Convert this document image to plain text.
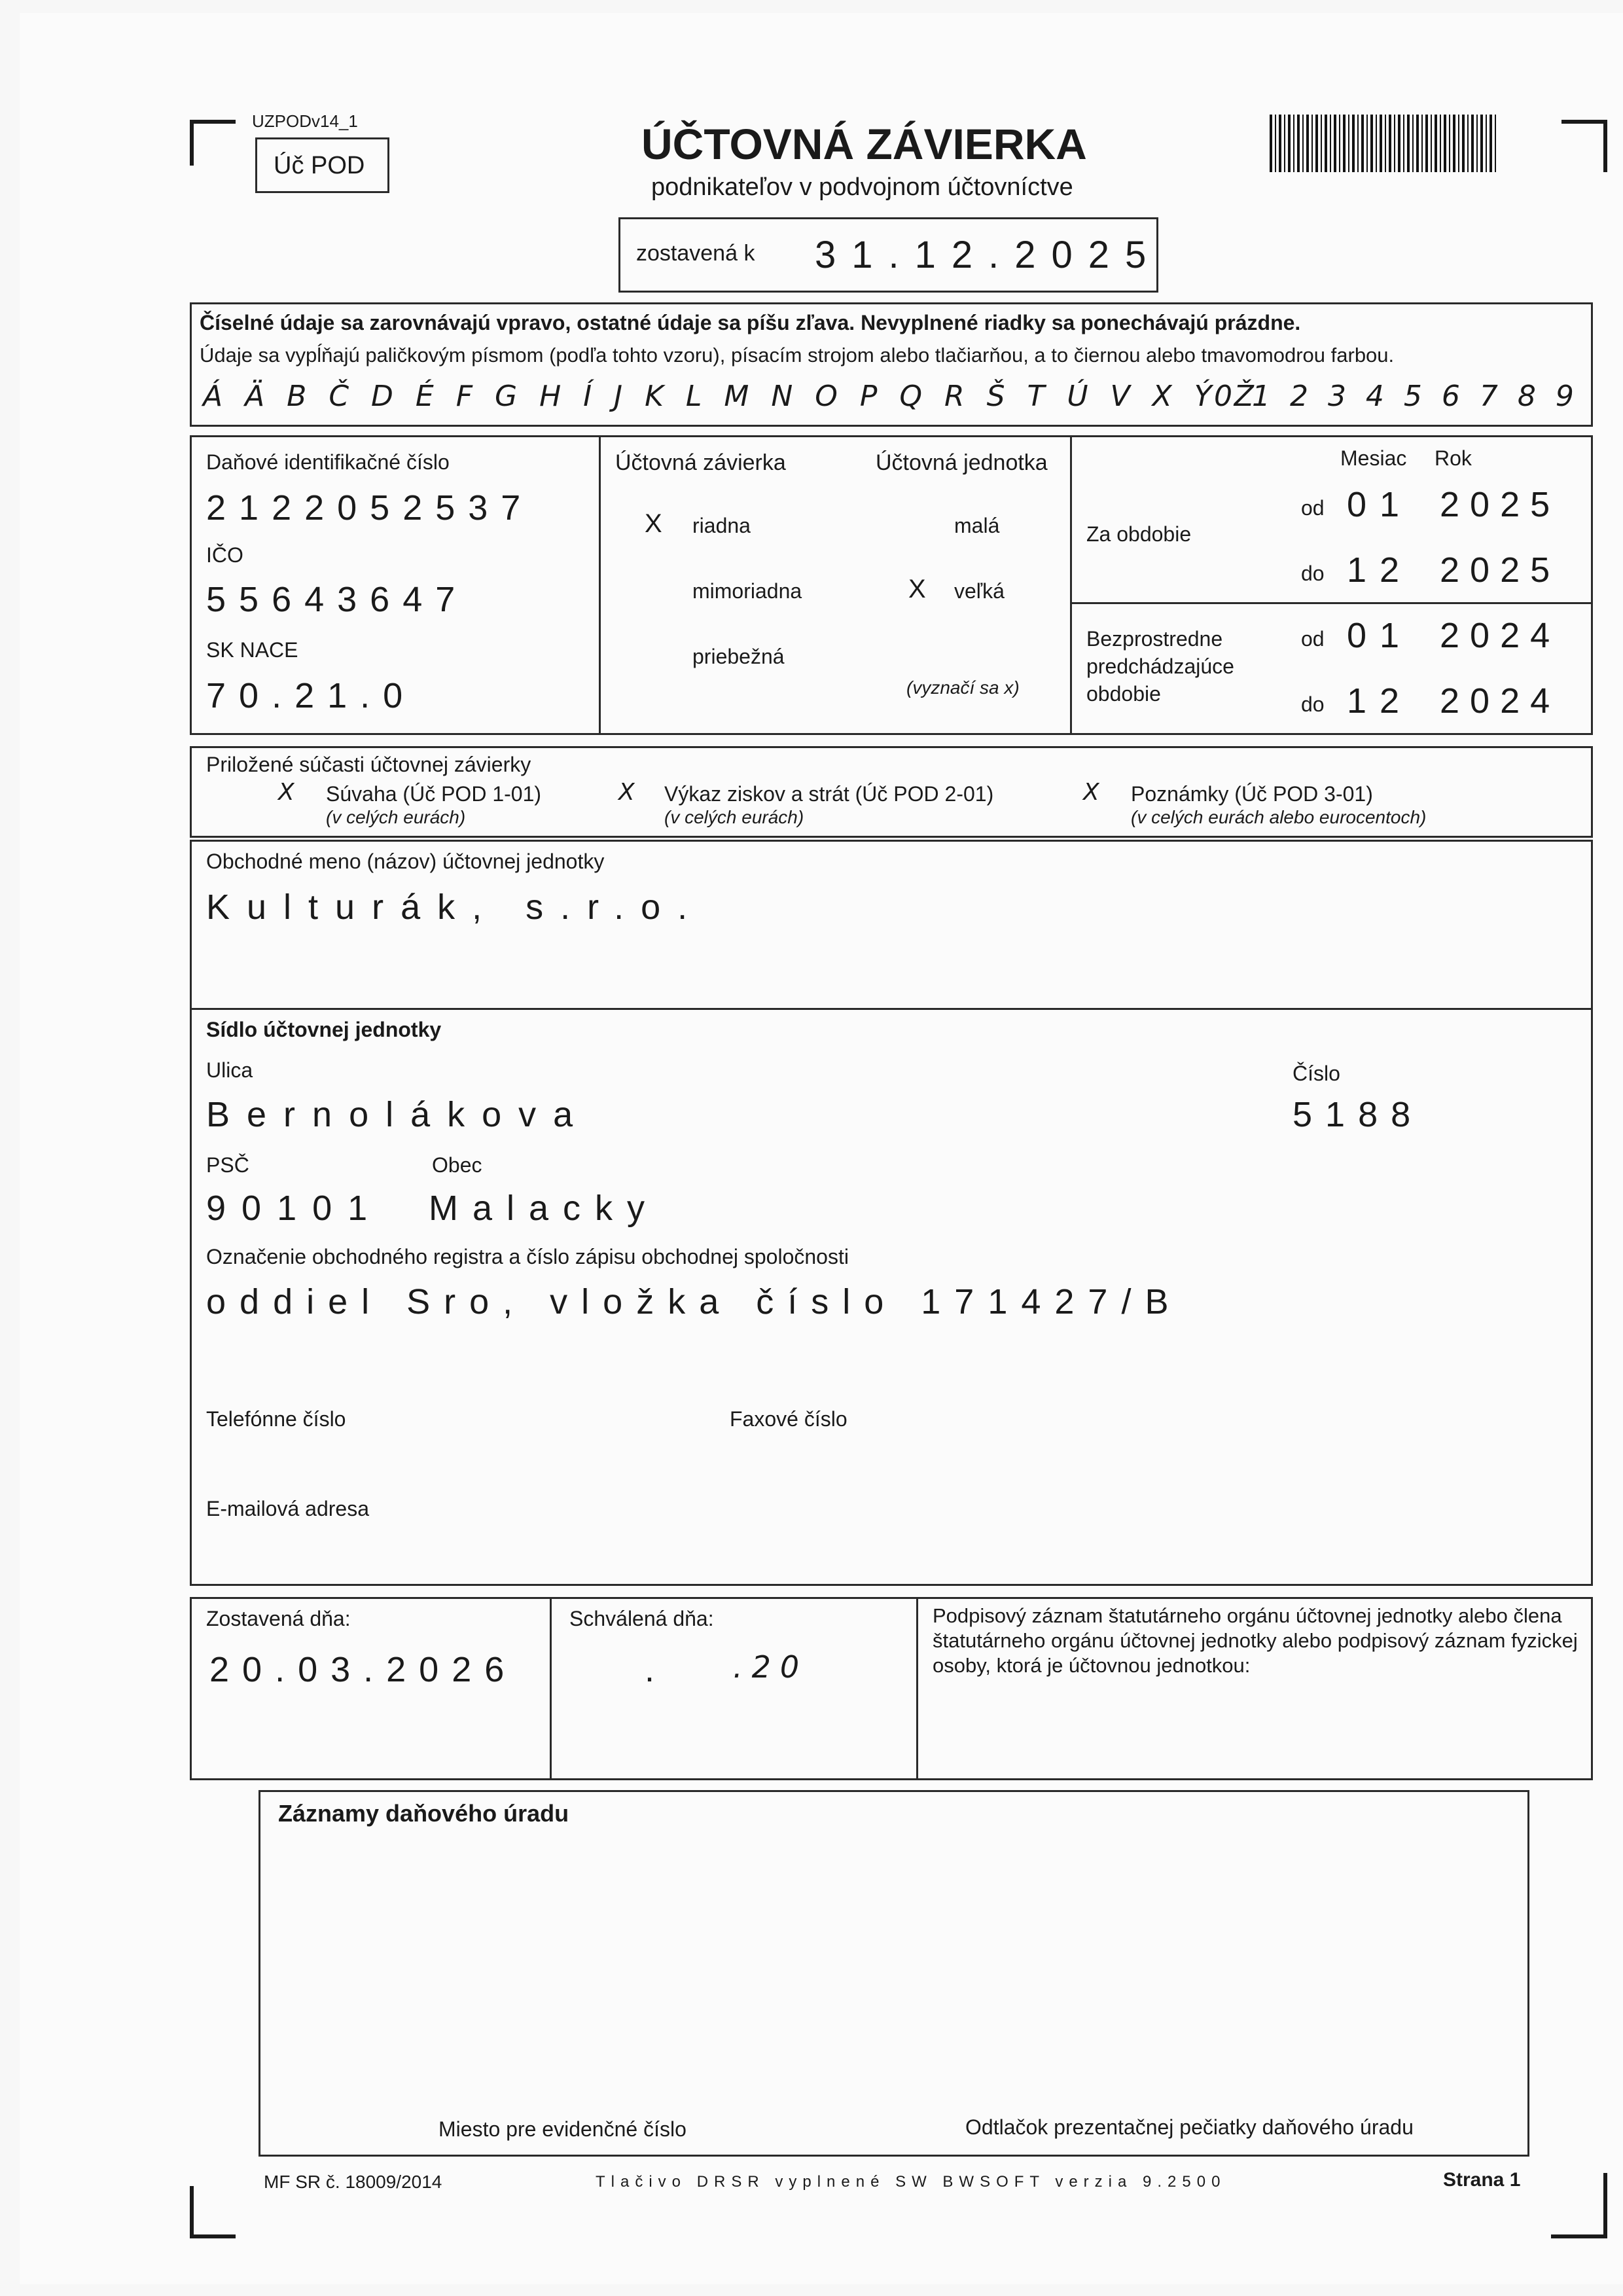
UZPODv14_1
Úč POD	ÚČTOVNÁ ZÁVIERKA
podnikateľov v podvojnom účtovníctve
zostavená k 31.12.2025
Číselné údaje sa zarovnávajú vpravo, ostatné údaje sa píšu zľava. Nevyplnené riadky sa ponechávajú prázdne.
Údaje sa vypĺňajú paličkovým písmom (podľa tohto vzoru), písacím strojom alebo tlačiarňou, a to čiernou alebo tmavomodrou farbou.
Á Ä B Č D É F G H Í J K L M N O P Q R Š T Ú V X Ý Ž
0 1 2 3 4 5 6 7 8 9
Daňové identifikačné číslo
2122052537
IČO
55643647
SK NACE
70.21.0
Účtovná závierka
X riadna
mimoriadna
priebežná
Účtovná jednotka
malá
X veľká
(vyznačí sa x)
Mesiac Rok
Za obdobie
od 01 2025
do 12 2025
Bezprostredne predchádzajúce obdobie
od 01 2024
do 12 2024
Priložené súčasti účtovnej závierky
X Súvaha (Úč POD 1-01)
(v celých eurách)
X Výkaz ziskov a strát (Úč POD 2-01)
(v celých eurách)
X Poznámky (Úč POD 3-01)
(v celých eurách alebo eurocentoch)
Obchodné meno (názov) účtovnej jednotky
Kulturák, s.r.o.
Sídlo účtovnej jednotky
Ulica
Bernolákova
Číslo
5188
PSČ	Obec
90101 Malacky
Označenie obchodného registra a číslo zápisu obchodnej spoločnosti
oddiel Sro, vložka číslo 171427/B
Telefónne číslo	Faxové číslo
E-mailová adresa
Zostavená dňa:
20.03.2026
Schválená dňa:
. .20
Podpisový záznam štatutárneho orgánu účtovnej jednotky alebo člena štatutárneho orgánu účtovnej jednotky alebo podpisový záznam fyzickej osoby, ktorá je účtovnou jednotkou:
Záznamy daňového úradu
Miesto pre evidenčné číslo	Odtlačok prezentačnej pečiatky daňového úradu
MF SR č. 18009/2014	Tlačivo DRSR vyplnené SW BWSOFT verzia 9.2500	Strana 1
